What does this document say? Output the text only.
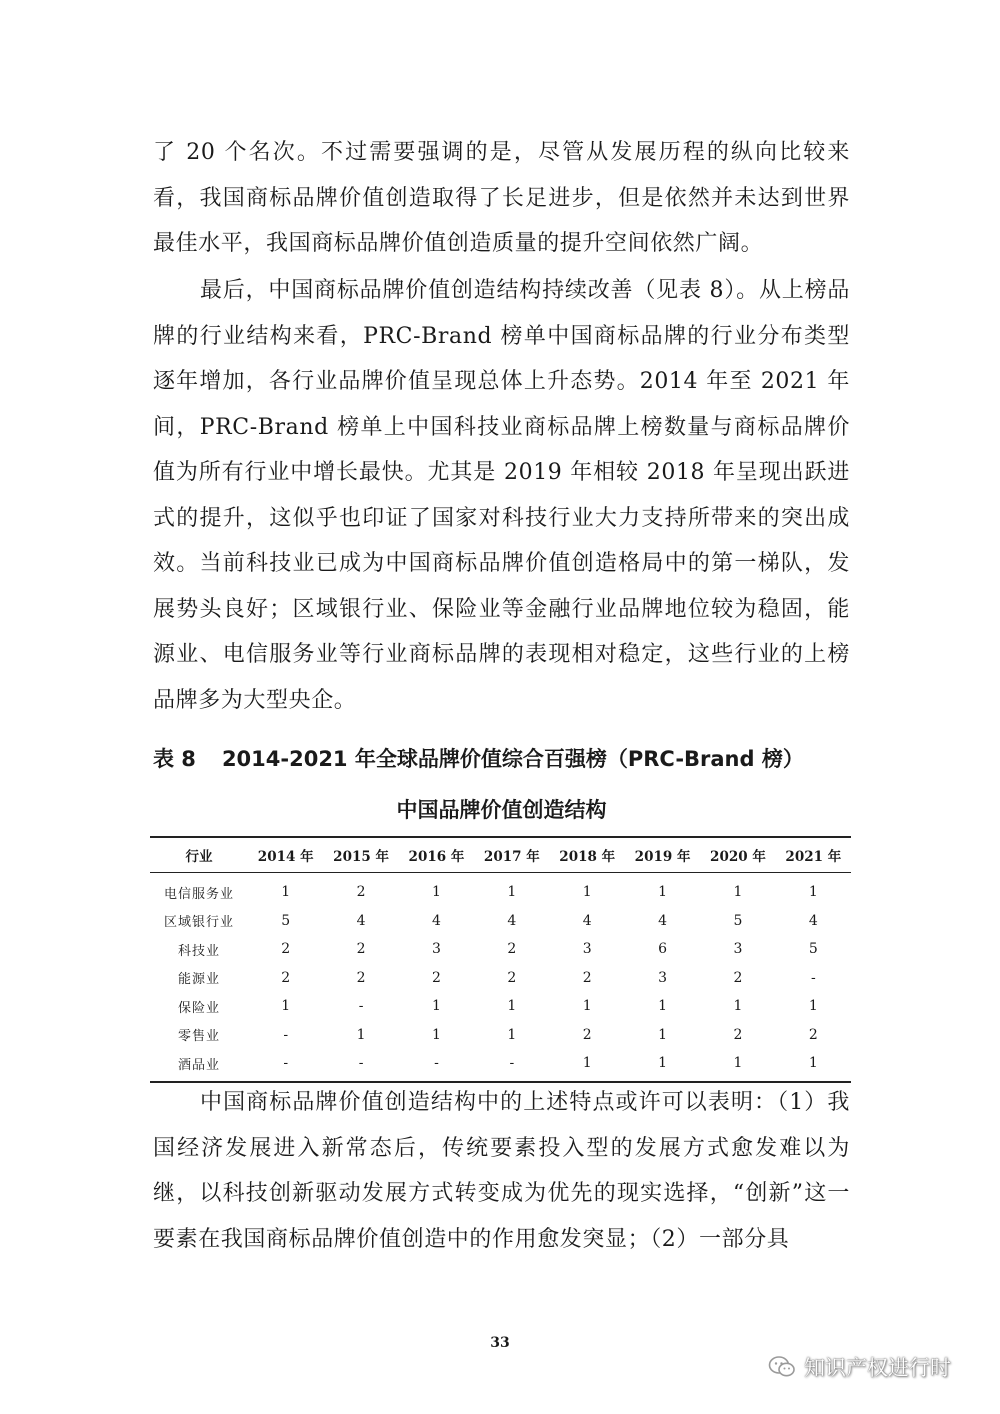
了 20 个名次。不过需要强调的是，尽管从发展历程的纵向比较来看，我国商标品牌价值创造取得了长足进步，但是依然并未达到世界最佳水平，我国商标品牌价值创造质量的提升空间依然广阔。

最后，中国商标品牌价值创造结构持续改善（见表 8）。从上榜品牌的行业结构来看，PRC-Brand 榜单中国商标品牌的行业分布类型逐年增加，各行业品牌价值呈现总体上升态势。2014 年至 2021 年间，PRC-Brand 榜单上中国科技业商标品牌上榜数量与商标品牌价值为所有行业中增长最快。尤其是 2019 年相较 2018 年呈现出跃进式的提升，这似乎也印证了国家对科技行业大力支持所带来的突出成效。当前科技业已成为中国商标品牌价值创造格局中的第一梯队，发展势头良好；区域银行业、保险业等金融行业品牌地位较为稳固，能源业、电信服务业等行业商标品牌的表现相对稳定，这些行业的上榜品牌多为大型央企。

表 8 2014-2021 年全球品牌价值综合百强榜（PRC-Brand 榜）
中国品牌价值创造结构
行业	2014 年	2015 年	2016 年	2017 年	2018 年	2019 年	2020 年	2021 年
电信服务业	1	2	1	1	1	1	1	1
区域银行业	5	4	4	4	4	4	5	4
科技业	2	2	3	2	3	6	3	5
能源业	2	2	2	2	2	3	2	-
保险业	1	-	1	1	1	1	1	1
零售业	-	1	1	1	2	1	2	2
酒品业	-	-	-	-	1	1	1	1

中国商标品牌价值创造结构中的上述特点或许可以表明：（1）我国经济发展进入新常态后，传统要素投入型的发展方式愈发难以为继，以科技创新驱动发展方式转变成为优先的现实选择，“创新”这一要素在我国商标品牌价值创造中的作用愈发突显；（2）一部分具

33
知识产权进行时
